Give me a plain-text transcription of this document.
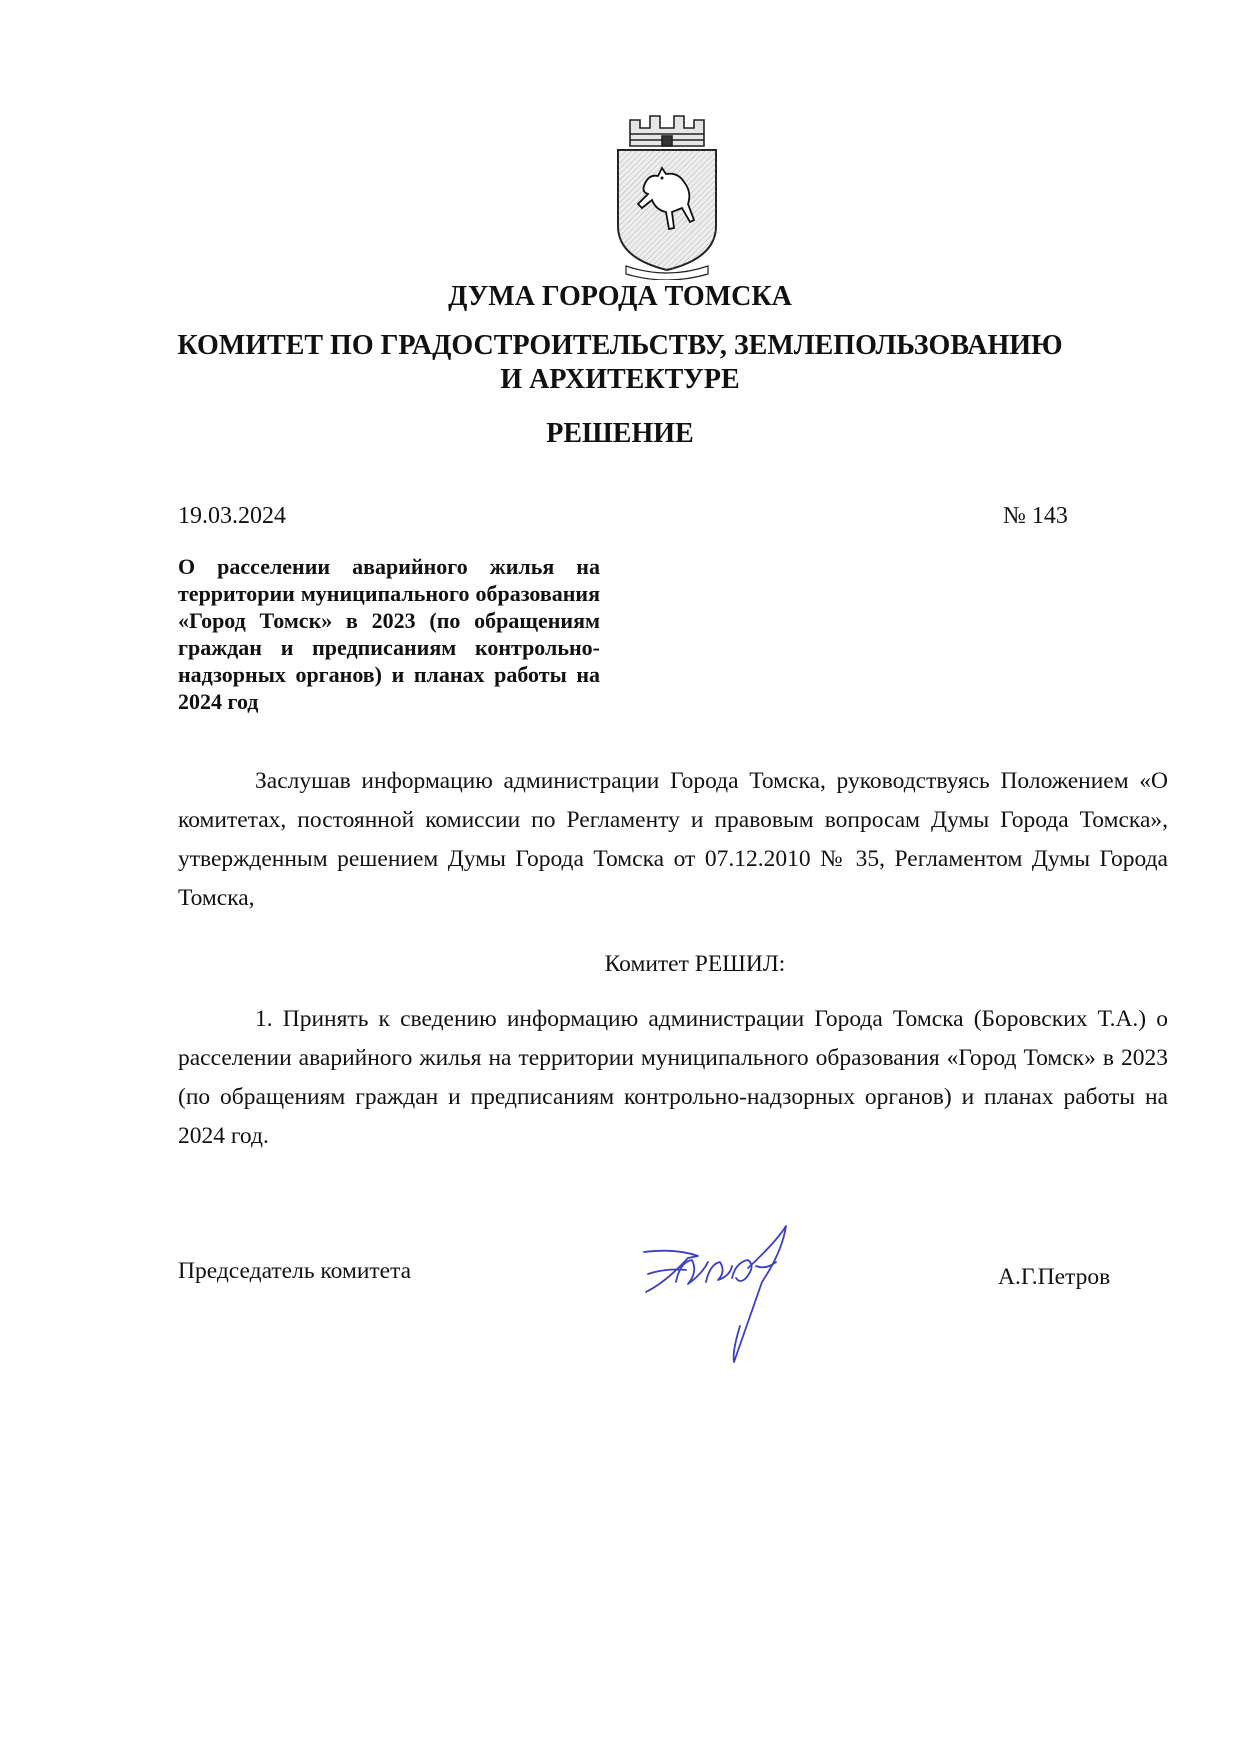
ДУМА ГОРОДА ТОМСКА
КОМИТЕТ ПО ГРАДОСТРОИТЕЛЬСТВУ, ЗЕМЛЕПОЛЬЗОВАНИЮ
И АРХИТЕКТУРЕ
РЕШЕНИЕ
19.03.2024	№ 143

О расселении аварийного жилья на территории муниципального образования «Город Томск» в 2023 (по обращениям граждан и предписаниям контрольно-надзорных органов) и планах работы на 2024 год

Заслушав информацию администрации Города Томска, руководствуясь Положением «О комитетах, постоянной комиссии по Регламенту и правовым вопросам Думы Города Томска», утвержденным решением Думы Города Томска от 07.12.2010 № 35, Регламентом Думы Города Томска,

Комитет РЕШИЛ:

1. Принять к сведению информацию администрации Города Томска (Боровских Т.А.) о расселении аварийного жилья на территории муниципального образования «Город Томск» в 2023 (по обращениям граждан и предписаниям контрольно-надзорных органов) и планах работы на 2024 год.

Председатель комитета	А.Г.Петров
